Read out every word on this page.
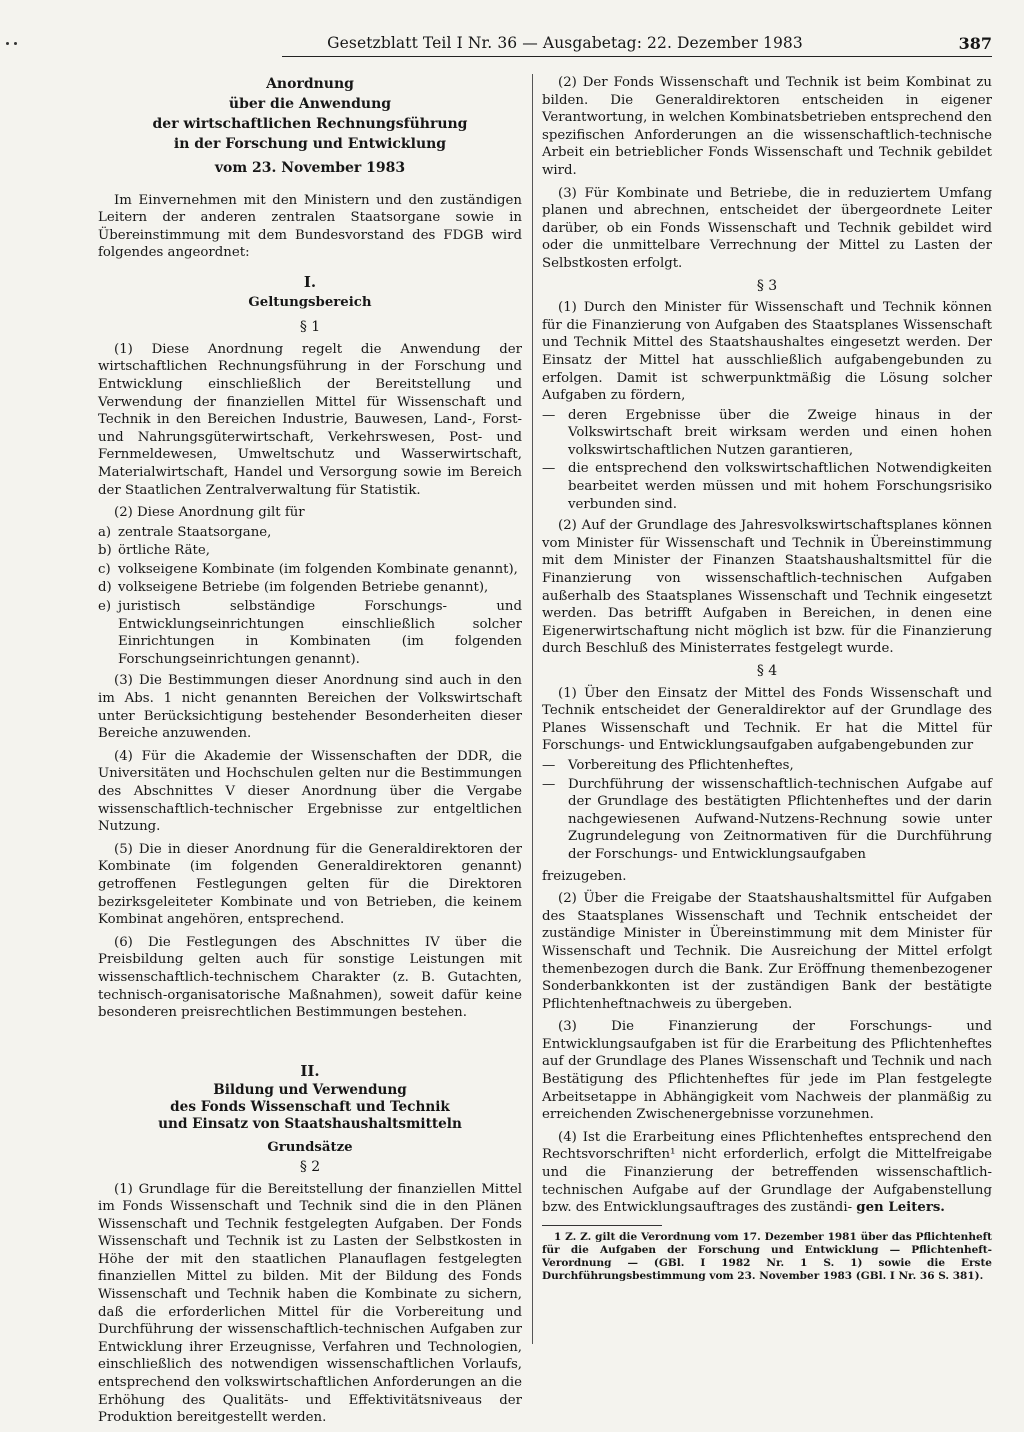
Gesetzblatt Teil I Nr. 36 — Ausgabetag: 22. Dezember 1983	387
Anordnung
über die Anwendung
der wirtschaftlichen Rechnungsführung
in der Forschung und Entwicklung
vom 23. November 1983

Im Einvernehmen mit den Ministern und den zuständigen Leitern der anderen zentralen Staatsorgane sowie in Übereinstimmung mit dem Bundesvorstand des FDGB wird folgendes angeordnet:

I.
Geltungsbereich
§ 1

(1) Diese Anordnung regelt die Anwendung der wirtschaftlichen Rechnungsführung in der Forschung und Entwicklung einschließlich der Bereitstellung und Verwendung der finanziellen Mittel für Wissenschaft und Technik in den Bereichen Industrie, Bauwesen, Land-, Forst- und Nahrungsgüterwirtschaft, Verkehrswesen, Post- und Fernmeldewesen, Umweltschutz und Wasserwirtschaft, Materialwirtschaft, Handel und Versorgung sowie im Bereich der Staatlichen Zentralverwaltung für Statistik.

(2) Diese Anordnung gilt für

a) zentrale Staatsorgane,
b) örtliche Räte,
c) volkseigene Kombinate (im folgenden Kombinate genannt),
d) volkseigene Betriebe (im folgenden Betriebe genannt),
e) juristisch selbständige Forschungs- und Entwicklungseinrichtungen einschließlich solcher Einrichtungen in Kombinaten (im folgenden Forschungseinrichtungen genannt).

(3) Die Bestimmungen dieser Anordnung sind auch in den im Abs. 1 nicht genannten Bereichen der Volkswirtschaft unter Berücksichtigung bestehender Besonderheiten dieser Bereiche anzuwenden.

(4) Für die Akademie der Wissenschaften der DDR, die Universitäten und Hochschulen gelten nur die Bestimmungen des Abschnittes V dieser Anordnung über die Vergabe wissenschaftlich-technischer Ergebnisse zur entgeltlichen Nutzung.

(5) Die in dieser Anordnung für die Generaldirektoren der Kombinate (im folgenden Generaldirektoren genannt) getroffenen Festlegungen gelten für die Direktoren bezirksgeleiteter Kombinate und von Betrieben, die keinem Kombinat angehören, entsprechend.

(6) Die Festlegungen des Abschnittes IV über die Preisbildung gelten auch für sonstige Leistungen mit wissenschaftlich-technischem Charakter (z. B. Gutachten, technisch-organisatorische Maßnahmen), soweit dafür keine besonderen preisrechtlichen Bestimmungen bestehen.

II.
Bildung und Verwendung
des Fonds Wissenschaft und Technik
und Einsatz von Staatshaushaltsmitteln
Grundsätze
§ 2

(1) Grundlage für die Bereitstellung der finanziellen Mittel im Fonds Wissenschaft und Technik sind die in den Plänen Wissenschaft und Technik festgelegten Aufgaben. Der Fonds Wissenschaft und Technik ist zu Lasten der Selbstkosten in Höhe der mit den staatlichen Planauflagen festgelegten finanziellen Mittel zu bilden. Mit der Bildung des Fonds Wissenschaft und Technik haben die Kombinate zu sichern, daß die erforderlichen Mittel für die Vorbereitung und Durchführung der wissenschaftlich-technischen Aufgaben zur Entwicklung ihrer Erzeugnisse, Verfahren und Technologien, einschließlich des notwendigen wissenschaftlichen Vorlaufs, entsprechend den volkswirtschaftlichen Anforderungen an die Erhöhung des Qualitäts- und Effektivitätsniveaus der Produktion bereitgestellt werden.

(2) Der Fonds Wissenschaft und Technik ist beim Kombinat zu bilden. Die Generaldirektoren entscheiden in eigener Verantwortung, in welchen Kombinatsbetrieben entsprechend den spezifischen Anforderungen an die wissenschaftlich-technische Arbeit ein betrieblicher Fonds Wissenschaft und Technik gebildet wird.

(3) Für Kombinate und Betriebe, die in reduziertem Umfang planen und abrechnen, entscheidet der übergeordnete Leiter darüber, ob ein Fonds Wissenschaft und Technik gebildet wird oder die unmittelbare Verrechnung der Mittel zu Lasten der Selbstkosten erfolgt.

§ 3

(1) Durch den Minister für Wissenschaft und Technik können für die Finanzierung von Aufgaben des Staatsplanes Wissenschaft und Technik Mittel des Staatshaushaltes eingesetzt werden. Der Einsatz der Mittel hat ausschließlich aufgabengebunden zu erfolgen. Damit ist schwerpunktmäßig die Lösung solcher Aufgaben zu fördern,

— deren Ergebnisse über die Zweige hinaus in der Volkswirtschaft breit wirksam werden und einen hohen volkswirtschaftlichen Nutzen garantieren,
— die entsprechend den volkswirtschaftlichen Notwendigkeiten bearbeitet werden müssen und mit hohem Forschungsrisiko verbunden sind.

(2) Auf der Grundlage des Jahresvolkswirtschaftsplanes können vom Minister für Wissenschaft und Technik in Übereinstimmung mit dem Minister der Finanzen Staatshaushaltsmittel für die Finanzierung von wissenschaftlich-technischen Aufgaben außerhalb des Staatsplanes Wissenschaft und Technik eingesetzt werden. Das betrifft Aufgaben in Bereichen, in denen eine Eigenerwirtschaftung nicht möglich ist bzw. für die Finanzierung durch Beschluß des Ministerrates festgelegt wurde.

§ 4

(1) Über den Einsatz der Mittel des Fonds Wissenschaft und Technik entscheidet der Generaldirektor auf der Grundlage des Planes Wissenschaft und Technik. Er hat die Mittel für Forschungs- und Entwicklungsaufgaben aufgabengebunden zur

— Vorbereitung des Pflichtenheftes,
— Durchführung der wissenschaftlich-technischen Aufgabe auf der Grundlage des bestätigten Pflichtenheftes und der darin nachgewiesenen Aufwand-Nutzens-Rechnung sowie unter Zugrundelegung von Zeitnormativen für die Durchführung der Forschungs- und Entwicklungsaufgaben

freizugeben.

(2) Über die Freigabe der Staatshaushaltsmittel für Aufgaben des Staatsplanes Wissenschaft und Technik entscheidet der zuständige Minister in Übereinstimmung mit dem Minister für Wissenschaft und Technik. Die Ausreichung der Mittel erfolgt themenbezogen durch die Bank. Zur Eröffnung themenbezogener Sonderbankkonten ist der zuständigen Bank der bestätigte Pflichtenheftnachweis zu übergeben.

(3) Die Finanzierung der Forschungs- und Entwicklungsaufgaben ist für die Erarbeitung des Pflichtenheftes auf der Grundlage des Planes Wissenschaft und Technik und nach Bestätigung des Pflichtenheftes für jede im Plan festgelegte Arbeitsetappe in Abhängigkeit vom Nachweis der planmäßig zu erreichenden Zwischenergebnisse vorzunehmen.

(4) Ist die Erarbeitung eines Pflichtenheftes entsprechend den Rechtsvorschriften¹ nicht erforderlich, erfolgt die Mittelfreigabe und die Finanzierung der betreffenden wissenschaftlich-technischen Aufgabe auf der Grundlage der Aufgabenstellung bzw. des Entwicklungsauftrages des zuständi- gen Leiters.

1 Z. Z. gilt die Verordnung vom 17. Dezember 1981 über das Pflichtenheft für die Aufgaben der Forschung und Entwicklung — Pflichtenheft-Verordnung — (GBl. I 1982 Nr. 1 S. 1) sowie die Erste Durchführungsbestimmung vom 23. November 1983 (GBl. I Nr. 36 S. 381).
